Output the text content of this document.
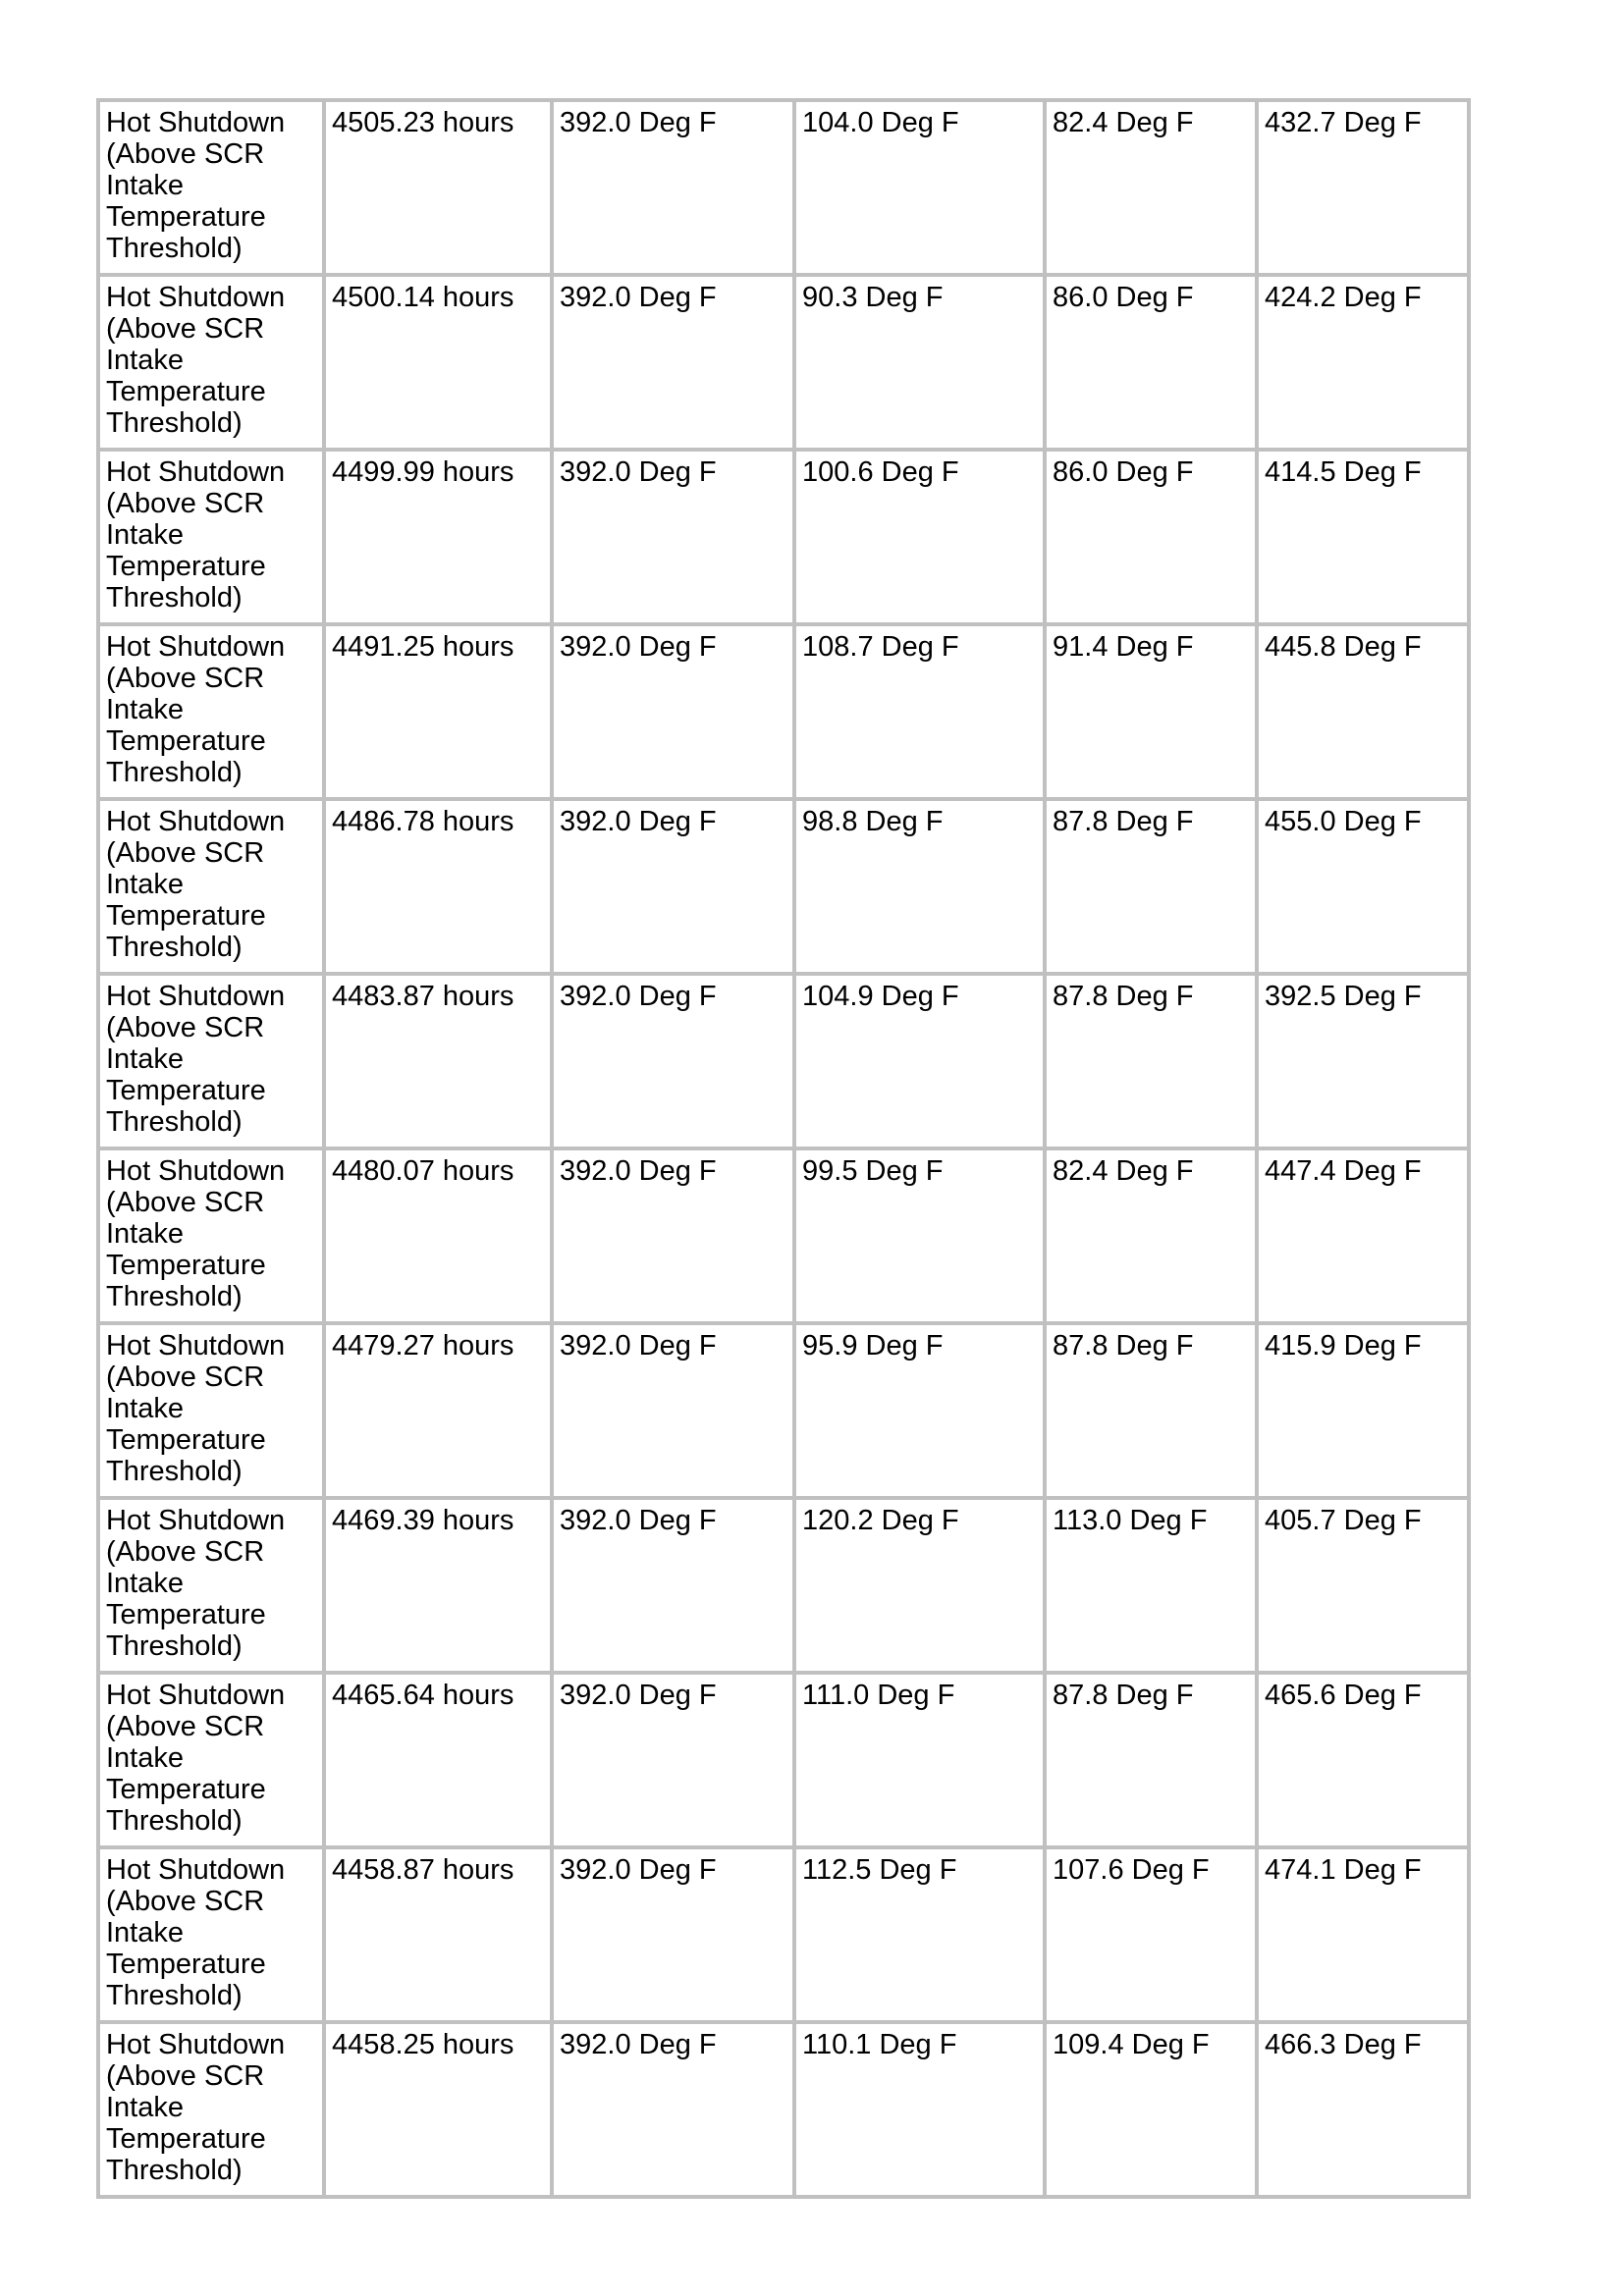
Hot Shutdown (Above SCR Intake Temperature Threshold)	4505.23 hours	392.0 Deg F	104.0 Deg F	82.4 Deg F	432.7 Deg F
Hot Shutdown (Above SCR Intake Temperature Threshold)	4500.14 hours	392.0 Deg F	90.3 Deg F	86.0 Deg F	424.2 Deg F
Hot Shutdown (Above SCR Intake Temperature Threshold)	4499.99 hours	392.0 Deg F	100.6 Deg F	86.0 Deg F	414.5 Deg F
Hot Shutdown (Above SCR Intake Temperature Threshold)	4491.25 hours	392.0 Deg F	108.7 Deg F	91.4 Deg F	445.8 Deg F
Hot Shutdown (Above SCR Intake Temperature Threshold)	4486.78 hours	392.0 Deg F	98.8 Deg F	87.8 Deg F	455.0 Deg F
Hot Shutdown (Above SCR Intake Temperature Threshold)	4483.87 hours	392.0 Deg F	104.9 Deg F	87.8 Deg F	392.5 Deg F
Hot Shutdown (Above SCR Intake Temperature Threshold)	4480.07 hours	392.0 Deg F	99.5 Deg F	82.4 Deg F	447.4 Deg F
Hot Shutdown (Above SCR Intake Temperature Threshold)	4479.27 hours	392.0 Deg F	95.9 Deg F	87.8 Deg F	415.9 Deg F
Hot Shutdown (Above SCR Intake Temperature Threshold)	4469.39 hours	392.0 Deg F	120.2 Deg F	113.0 Deg F	405.7 Deg F
Hot Shutdown (Above SCR Intake Temperature Threshold)	4465.64 hours	392.0 Deg F	111.0 Deg F	87.8 Deg F	465.6 Deg F
Hot Shutdown (Above SCR Intake Temperature Threshold)	4458.87 hours	392.0 Deg F	112.5 Deg F	107.6 Deg F	474.1 Deg F
Hot Shutdown (Above SCR Intake Temperature Threshold)	4458.25 hours	392.0 Deg F	110.1 Deg F	109.4 Deg F	466.3 Deg F
